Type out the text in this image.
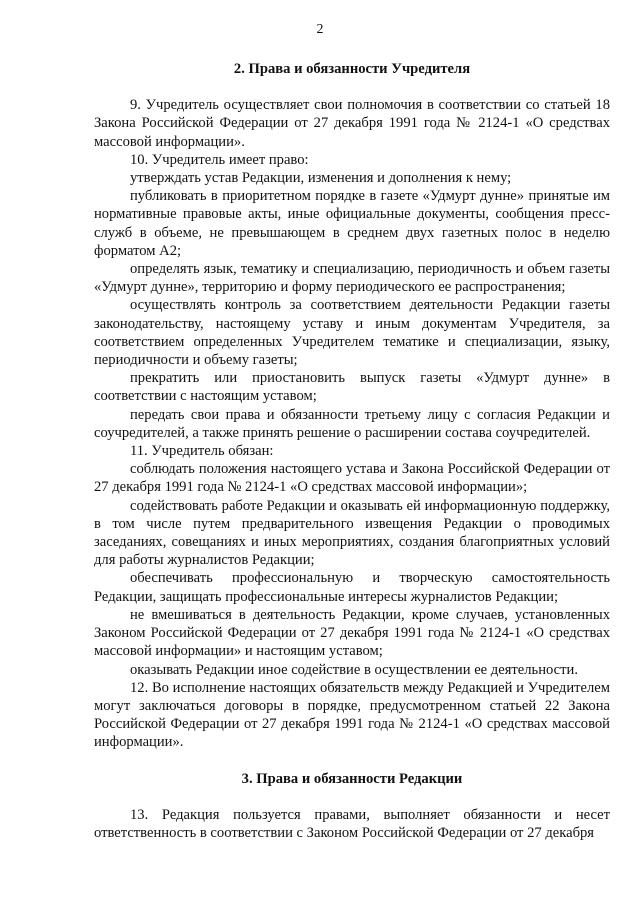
2
2. Права и обязанности Учредителя

9. Учредитель осуществляет свои полномочия в соответствии со статьей 18 Закона Российской Федерации от 27 декабря 1991 года № 2124-1 «О средствах массовой информации».

10. Учредитель имеет право:

утверждать устав Редакции, изменения и дополнения к нему;

публиковать в приоритетном порядке в газете «Удмурт дунне» принятые им нормативные правовые акты, иные официальные документы, сообщения пресс-служб в объеме, не превышающем в среднем двух газетных полос в неделю форматом А2;

определять язык, тематику и специализацию, периодичность и объем газеты «Удмурт дунне», территорию и форму периодического ее распространения;

осуществлять контроль за соответствием деятельности Редакции газеты законодательству, настоящему уставу и иным документам Учредителя, за соответствием определенных Учредителем тематике и специализации, языку, периодичности и объему газеты;

прекратить или приостановить выпуск газеты «Удмурт дунне» в соответствии с настоящим уставом;

передать свои права и обязанности третьему лицу с согласия Редакции и соучредителей, а также принять решение о расширении состава соучредителей.

11. Учредитель обязан:

соблюдать положения настоящего устава и Закона Российской Федерации от 27 декабря 1991 года № 2124-1 «О средствах массовой информации»;

содействовать работе Редакции и оказывать ей информационную поддержку, в том числе путем предварительного извещения Редакции о проводимых заседаниях, совещаниях и иных мероприятиях, создания благоприятных условий для работы журналистов Редакции;

обеспечивать профессиональную и творческую самостоятельность Редакции, защищать профессиональные интересы журналистов Редакции;

не вмешиваться в деятельность Редакции, кроме случаев, установленных Законом Российской Федерации от 27 декабря 1991 года № 2124-1 «О средствах массовой информации» и настоящим уставом;

оказывать Редакции иное содействие в осуществлении ее деятельности.

12. Во исполнение настоящих обязательств между Редакцией и Учредителем могут заключаться договоры в порядке, предусмотренном статьей 22 Закона Российской Федерации от 27 декабря 1991 года № 2124-1 «О средствах массовой информации».

3. Права и обязанности Редакции

13. Редакция пользуется правами, выполняет обязанности и несет ответственность в соответствии с Законом Российской Федерации от 27 декабря
